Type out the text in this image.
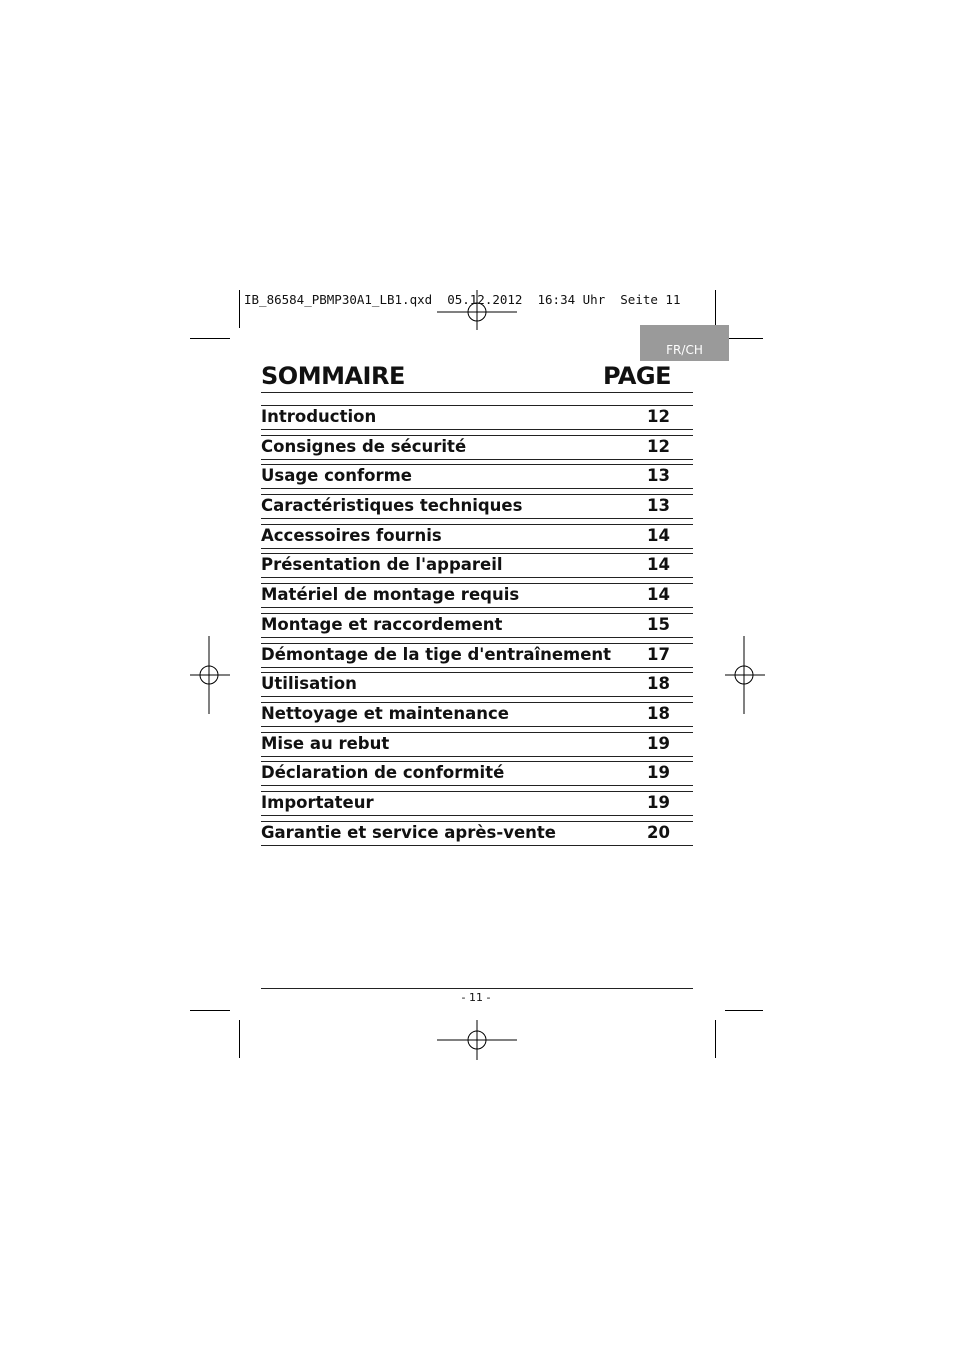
IB_86584_PBMP30A1_LB1.qxd  05.12.2012  16:34 Uhr  Seite 11
FR/CH
SOMMAIRE	PAGE
Introduction	12
Consignes de sécurité	12
Usage conforme	13
Caractéristiques techniques	13
Accessoires fournis	14
Présentation de l'appareil	14
Matériel de montage requis	14
Montage et raccordement	15
Démontage de la tige d'entraînement 17
Utilisation	18
Nettoyage et maintenance	18
Mise au rebut	19
Déclaration de conformité	19
Importateur	19
Garantie et service après-vente	20
- 11 -
